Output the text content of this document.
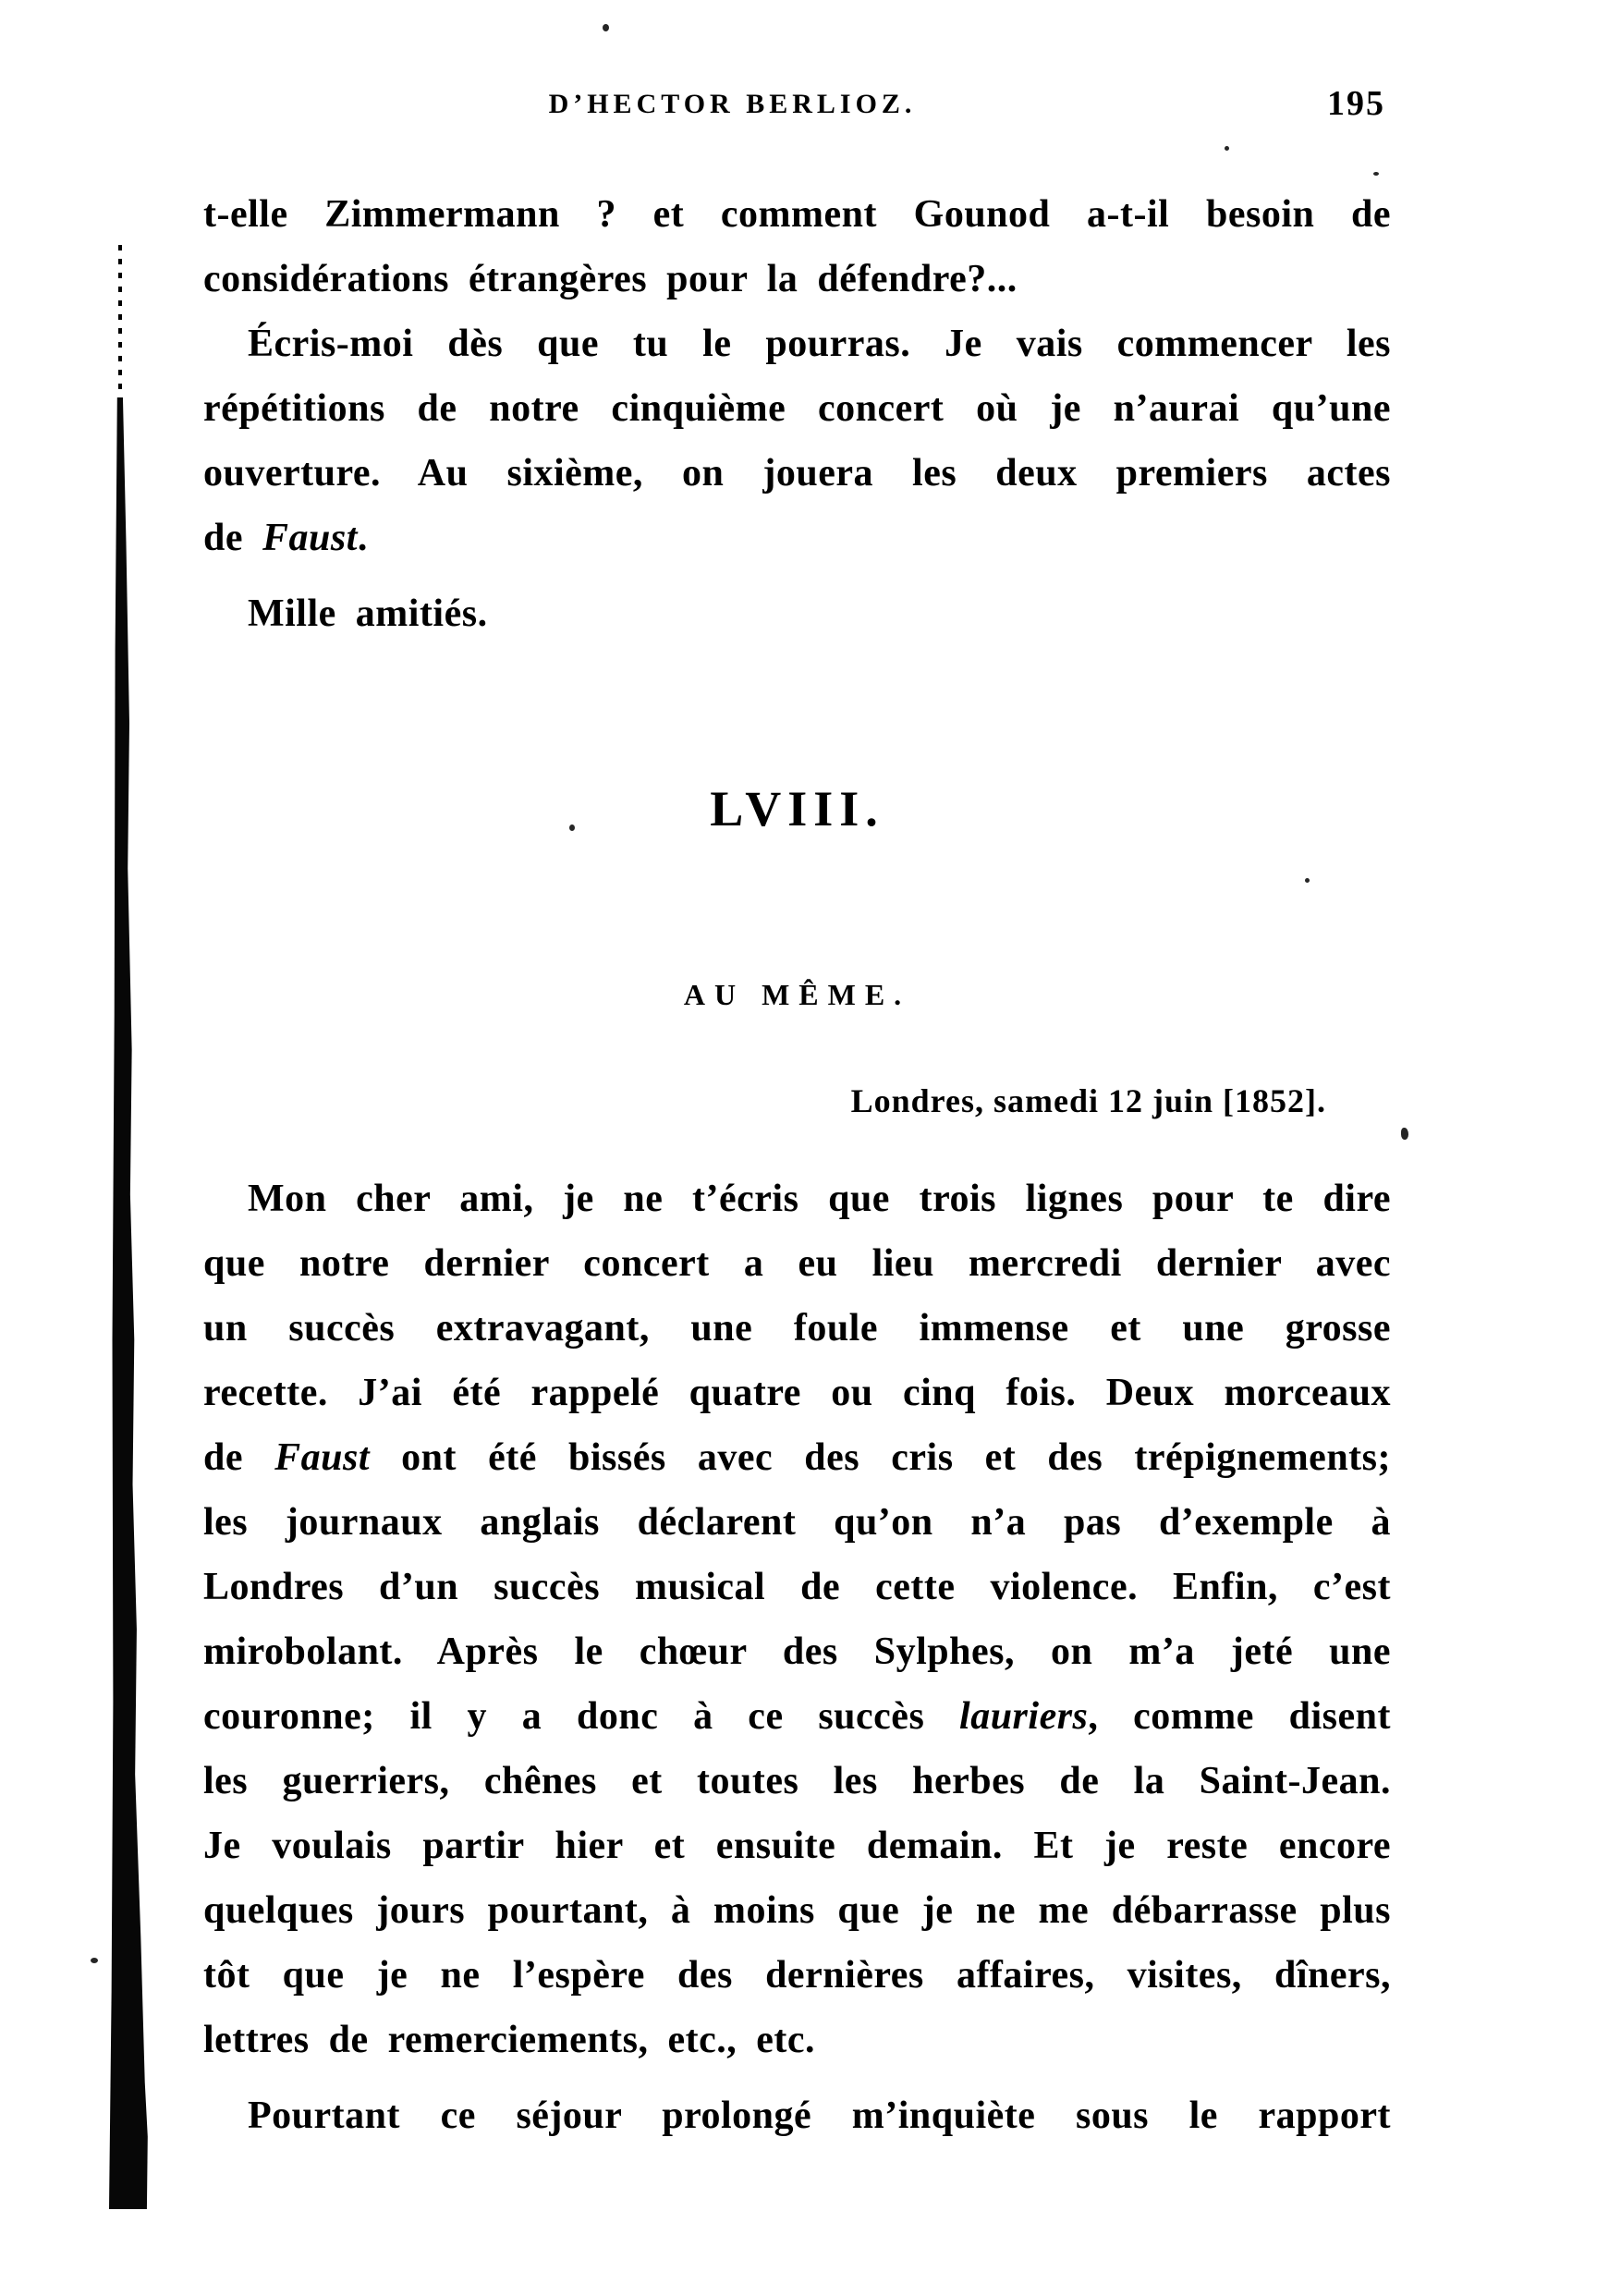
D’HECTOR BERLIOZ.	195
t-elle Zimmermann ? et comment Gounod a-t-il besoin de
considérations étrangères pour la défendre?...
Écris-moi dès que tu le pourras. Je vais commencer les
répétitions de notre cinquième concert où je n’aurai qu’une
ouverture. Au sixième, on jouera les deux premiers actes
de Faust.
Mille amitiés.
LVIII.
AU MÊME.
Londres, samedi 12 juin [1852].
Mon cher ami, je ne t’écris que trois lignes pour te dire
que notre dernier concert a eu lieu mercredi dernier avec
un succès extravagant, une foule immense et une grosse
recette. J’ai été rappelé quatre ou cinq fois. Deux morceaux
de Faust ont été bissés avec des cris et des trépignements;
les journaux anglais déclarent qu’on n’a pas d’exemple à
Londres d’un succès musical de cette violence. Enfin, c’est
mirobolant. Après le chœur des Sylphes, on m’a jeté une
couronne; il y a donc à ce succès lauriers, comme disent
les guerriers, chênes et toutes les herbes de la Saint-Jean.
Je voulais partir hier et ensuite demain. Et je reste encore
quelques jours pourtant, à moins que je ne me débarrasse plus
tôt que je ne l’espère des dernières affaires, visites, dîners,
lettres de remerciements, etc., etc.
Pourtant ce séjour prolongé m’inquiète sous le rapport
